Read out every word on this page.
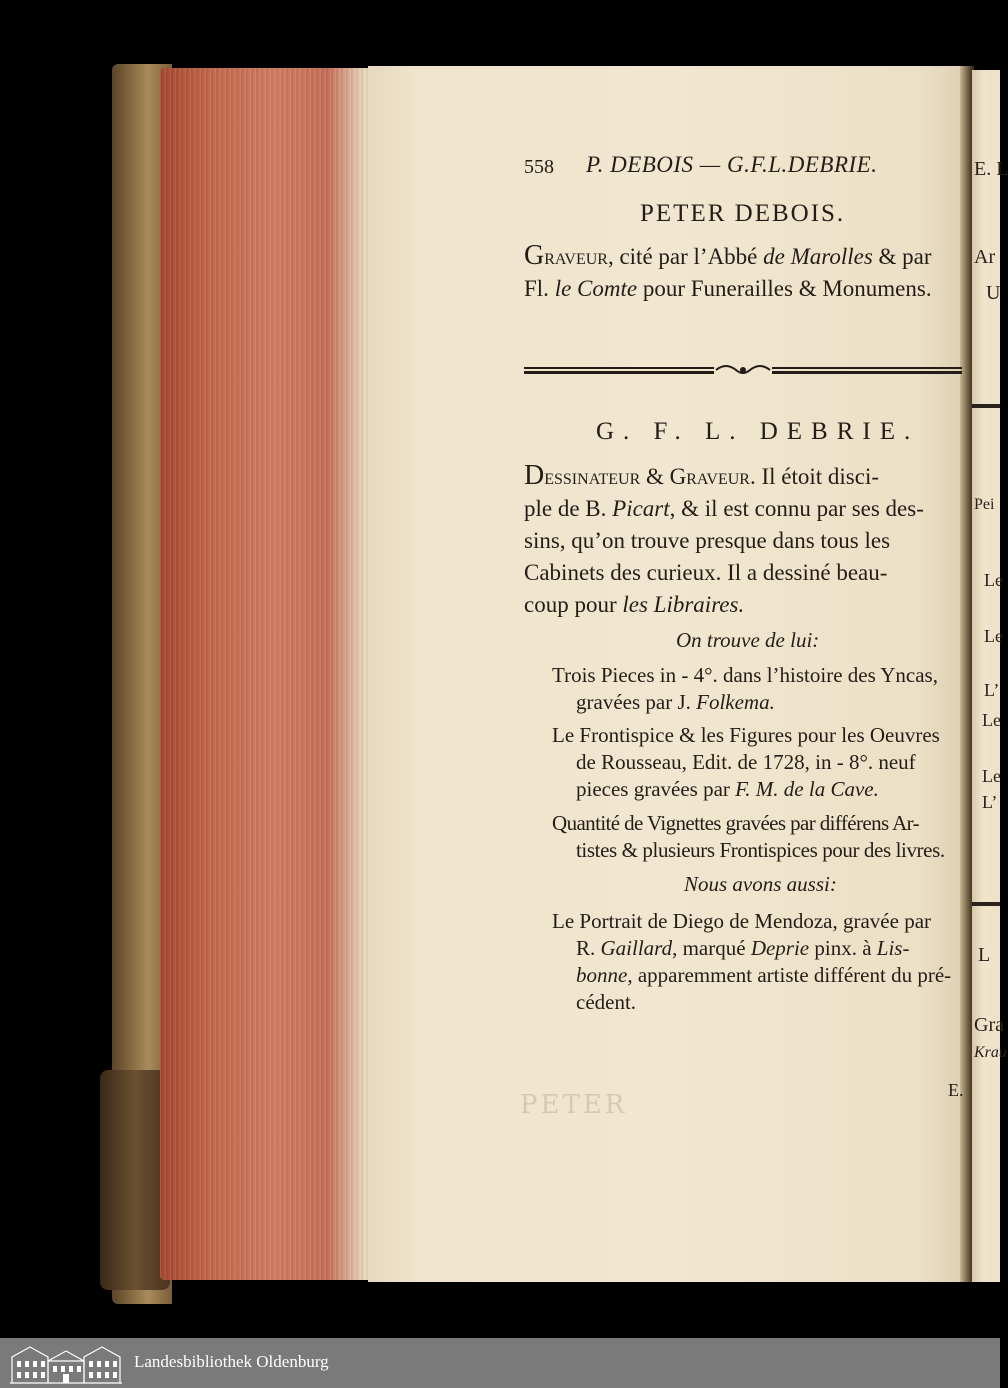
E. L
Ar
U
Pei
Le
Le
L’
Le
Le
L’
L
Gra
Krau
558 P. DEBOIS — G.F.L.DEBRIE.
PETER DEBOIS.
Graveur, cité par l’Abbé de Marolles & par
Fl. le Comte pour Funerailles & Monumens.
G. F. L. DEBRIE.
Dessinateur & Graveur. Il étoit disci-
ple de B. Picart, & il est connu par ses des-
sins, qu’on trouve presque dans tous les
Cabinets des curieux. Il a dessiné beau-
coup pour les Libraires.
On trouve de lui:
Trois Pieces in - 4°. dans l’histoire des Yncas,
gravées par J. Folkema.
Le Frontispice & les Figures pour les Oeuvres
de Rousseau, Edit. de 1728, in - 8°. neuf
pieces gravées par F. M. de la Cave.
Quantité de Vignettes gravées par différens Ar-
tistes & plusieurs Frontispices pour des livres.
Nous avons aussi:
Le Portrait de Diego de Mendoza, gravée par
R. Gaillard, marqué Deprie pinx. à Lis-
bonne, apparemment artiste différent du pré-
cédent.
PETER	E.
Landesbibliothek Oldenburg
